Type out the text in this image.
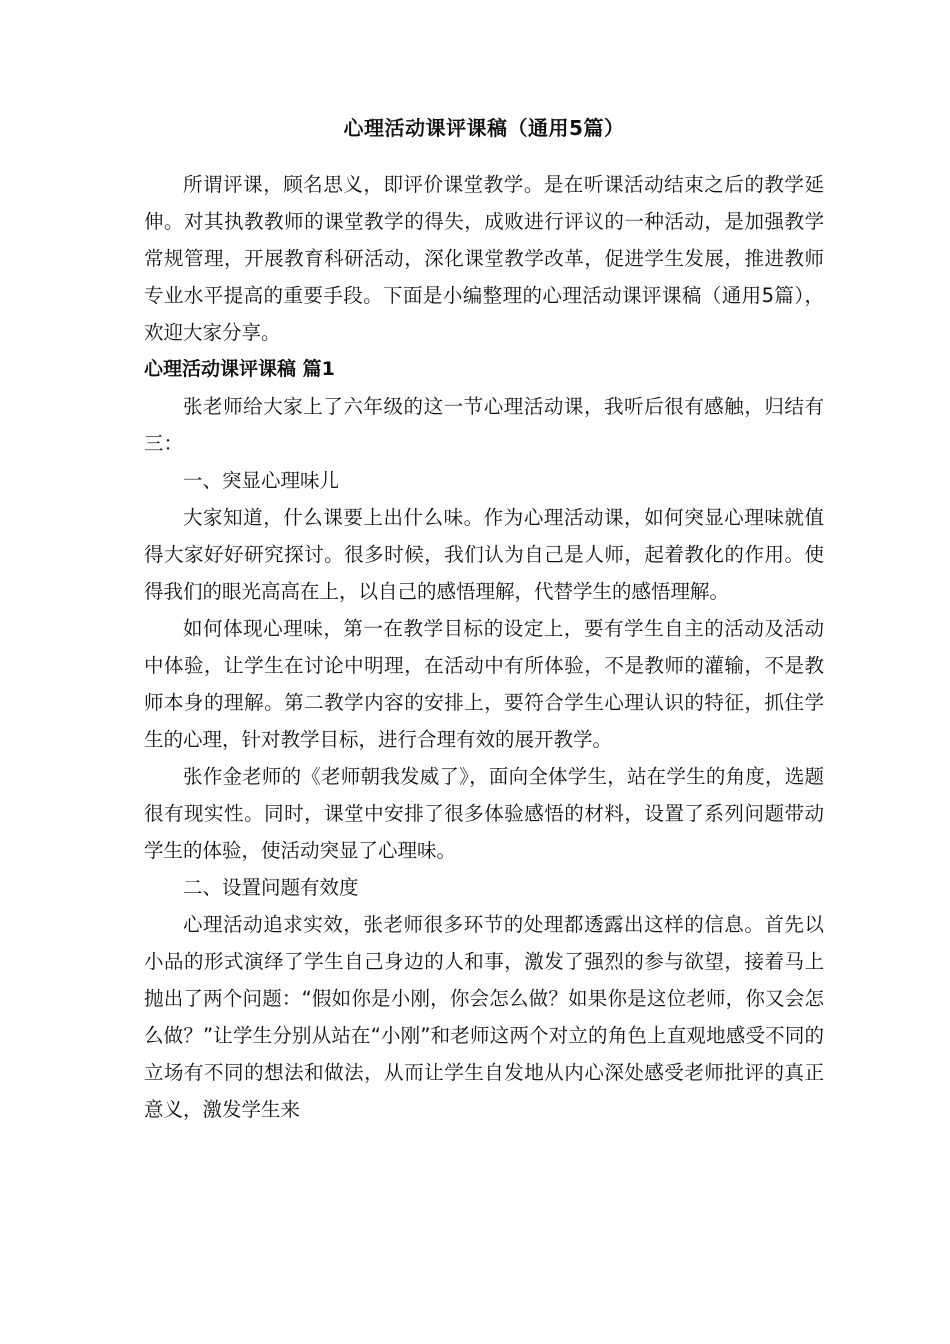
心理活动课评课稿（通用5篇）

所谓评课，顾名思义，即评价课堂教学。是在听课活动结束之后的教学延伸。对其执教教师的课堂教学的得失，成败进行评议的一种活动，是加强教学常规管理，开展教育科研活动，深化课堂教学改革，促进学生发展，推进教师专业水平提高的重要手段。下面是小编整理的心理活动课评课稿（通用5篇），欢迎大家分享。

心理活动课评课稿 篇1

张老师给大家上了六年级的这一节心理活动课，我听后很有感触，归结有三：

一、突显心理味儿

大家知道，什么课要上出什么味。作为心理活动课，如何突显心理味就值得大家好好研究探讨。很多时候，我们认为自己是人师，起着教化的作用。使得我们的眼光高高在上，以自己的感悟理解，代替学生的感悟理解。

如何体现心理味，第一在教学目标的设定上，要有学生自主的活动及活动中体验，让学生在讨论中明理，在活动中有所体验，不是教师的灌输，不是教师本身的理解。第二教学内容的安排上，要符合学生心理认识的特征，抓住学生的心理，针对教学目标，进行合理有效的展开教学。

张作金老师的《老师朝我发威了》，面向全体学生，站在学生的角度，选题很有现实性。同时，课堂中安排了很多体验感悟的材料，设置了系列问题带动学生的体验，使活动突显了心理味。

二、设置问题有效度

心理活动追求实效，张老师很多环节的处理都透露出这样的信息。首先以小品的形式演绎了学生自己身边的人和事，激发了强烈的参与欲望，接着马上抛出了两个问题：“假如你是小刚，你会怎么做？如果你是这位老师，你又会怎么做？”让学生分别从站在“小刚”和老师这两个对立的角色上直观地感受不同的立场有不同的想法和做法，从而让学生自发地从内心深处感受老师批评的真正意义，激发学生来
